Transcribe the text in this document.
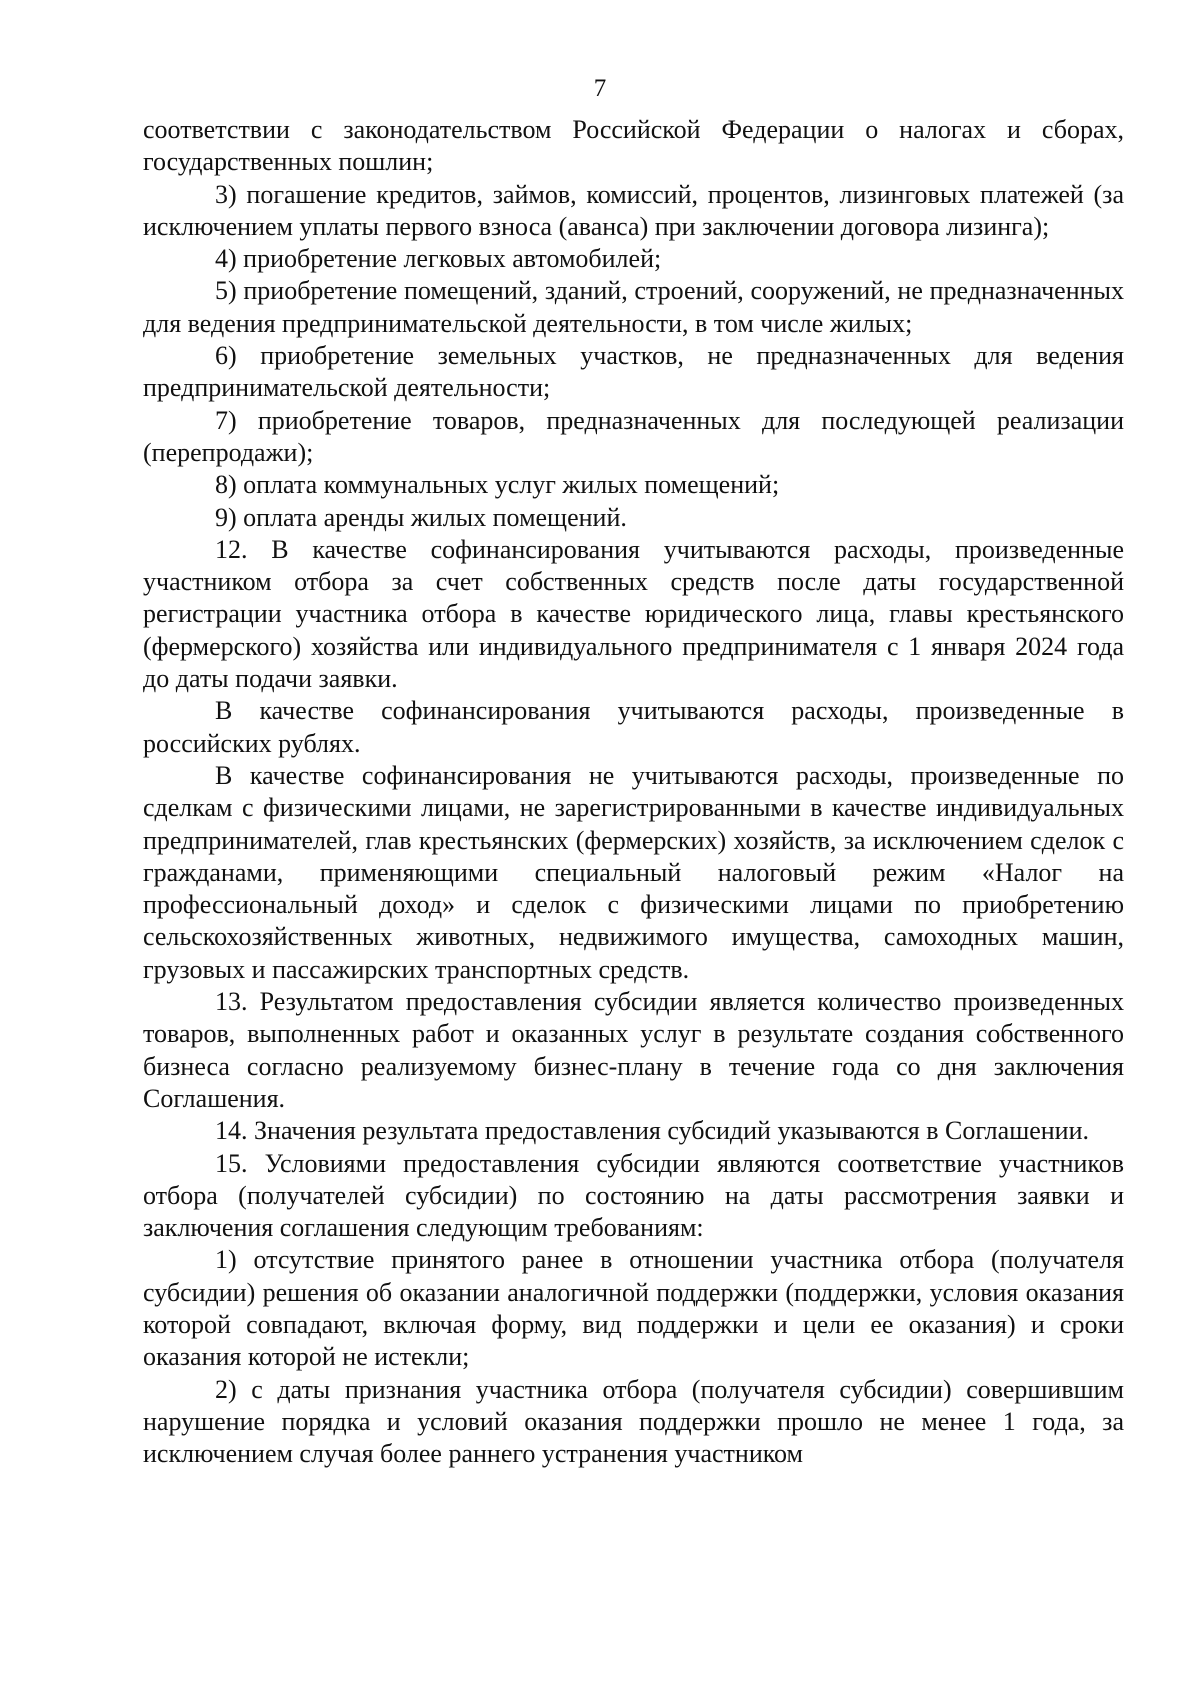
7

соответствии с законодательством Российской Федерации о налогах и сборах, государственных пошлин;

3) погашение кредитов, займов, комиссий, процентов, лизинговых платежей (за исключением уплаты первого взноса (аванса) при заключении договора лизинга);

4) приобретение легковых автомобилей;

5) приобретение помещений, зданий, строений, сооружений, не предназначенных для ведения предпринимательской деятельности, в том числе жилых;

6) приобретение земельных участков, не предназначенных для ведения предпринимательской деятельности;

7) приобретение товаров, предназначенных для последующей реализации (перепродажи);

8) оплата коммунальных услуг жилых помещений;

9) оплата аренды жилых помещений.

12. В качестве софинансирования учитываются расходы, произведенные участником отбора за счет собственных средств после даты государственной регистрации участника отбора в качестве юридического лица, главы крестьянского (фермерского) хозяйства или индивидуального предпринимателя с 1 января 2024 года до даты подачи заявки.

В качестве софинансирования учитываются расходы, произведенные в российских рублях.

В качестве софинансирования не учитываются расходы, произведенные по сделкам с физическими лицами, не зарегистрированными в качестве индивидуальных предпринимателей, глав крестьянских (фермерских) хозяйств, за исключением сделок с гражданами, применяющими специальный налоговый режим «Налог на профессиональный доход» и сделок с физическими лицами по приобретению сельскохозяйственных животных, недвижимого имущества, самоходных машин, грузовых и пассажирских транспортных средств.

13. Результатом предоставления субсидии является количество произведенных товаров, выполненных работ и оказанных услуг в результате создания собственного бизнеса согласно реализуемому бизнес-плану в течение года со дня заключения Соглашения.

14. Значения результата предоставления субсидий указываются в Соглашении.

15. Условиями предоставления субсидии являются соответствие участников отбора (получателей субсидии) по состоянию на даты рассмотрения заявки и заключения соглашения следующим требованиям:

1) отсутствие принятого ранее в отношении участника отбора (получателя субсидии) решения об оказании аналогичной поддержки (поддержки, условия оказания которой совпадают, включая форму, вид поддержки и цели ее оказания) и сроки оказания которой не истекли;

2) с даты признания участника отбора (получателя субсидии) совершившим нарушение порядка и условий оказания поддержки прошло не менее 1 года, за исключением случая более раннего устранения участником
